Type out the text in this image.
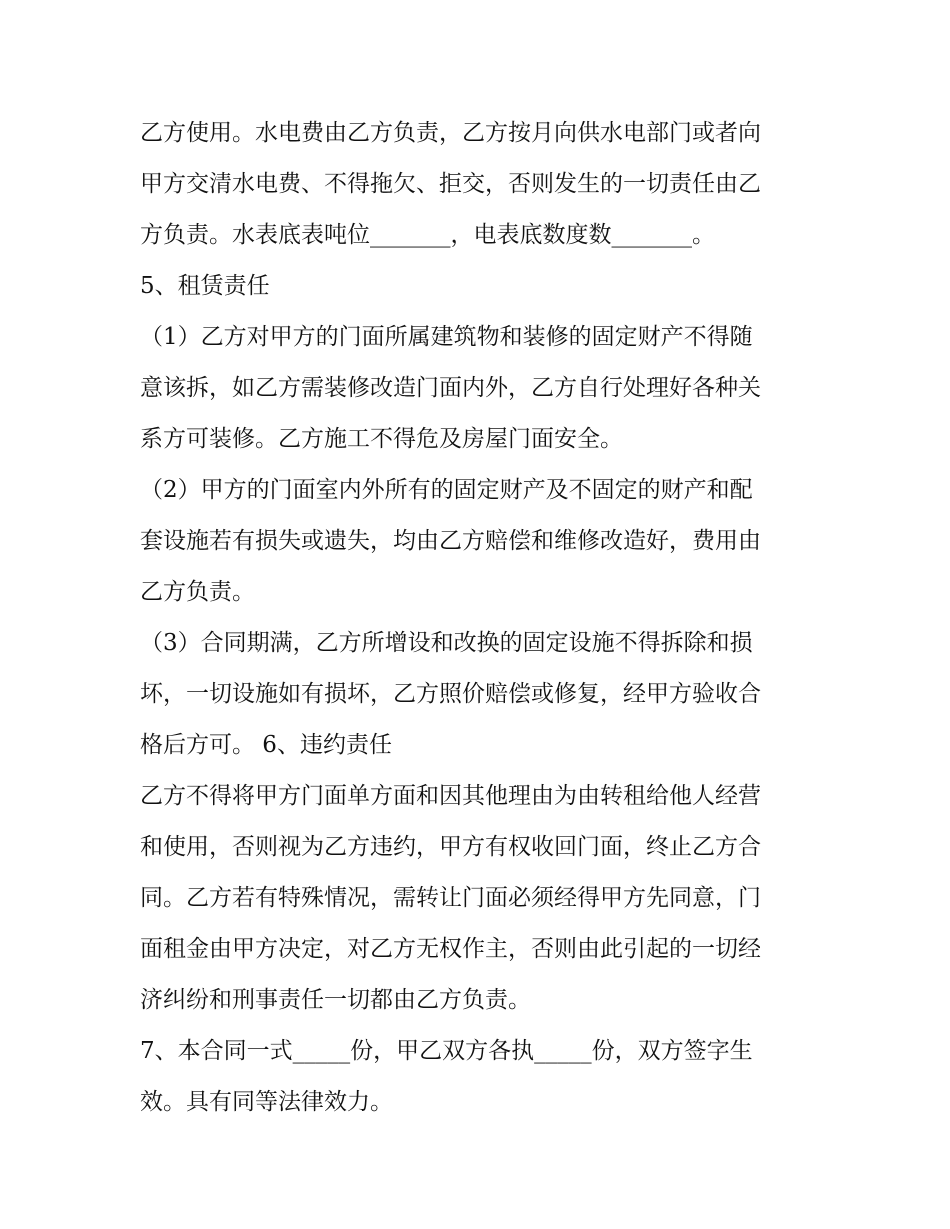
乙方使用。水电费由乙方负责，乙方按月向供水电部门或者向
甲方交清水电费、不得拖欠、拒交，否则发生的一切责任由乙
方负责。水表底表吨位_______，电表底数度数_______。
5、租赁责任
（1）乙方对甲方的门面所属建筑物和装修的固定财产不得随
意该拆，如乙方需装修改造门面内外，乙方自行处理好各种关
系方可装修。乙方施工不得危及房屋门面安全。
（2）甲方的门面室内外所有的固定财产及不固定的财产和配
套设施若有损失或遗失，均由乙方赔偿和维修改造好，费用由
乙方负责。
（3）合同期满，乙方所增设和改换的固定设施不得拆除和损
坏，一切设施如有损坏，乙方照价赔偿或修复，经甲方验收合
格后方可。 6、违约责任
乙方不得将甲方门面单方面和因其他理由为由转租给他人经营
和使用，否则视为乙方违约，甲方有权收回门面，终止乙方合
同。乙方若有特殊情况，需转让门面必须经得甲方先同意，门
面租金由甲方决定，对乙方无权作主，否则由此引起的一切经
济纠纷和刑事责任一切都由乙方负责。
7、本合同一式_____份，甲乙双方各执_____份，双方签字生
效。具有同等法律效力。
